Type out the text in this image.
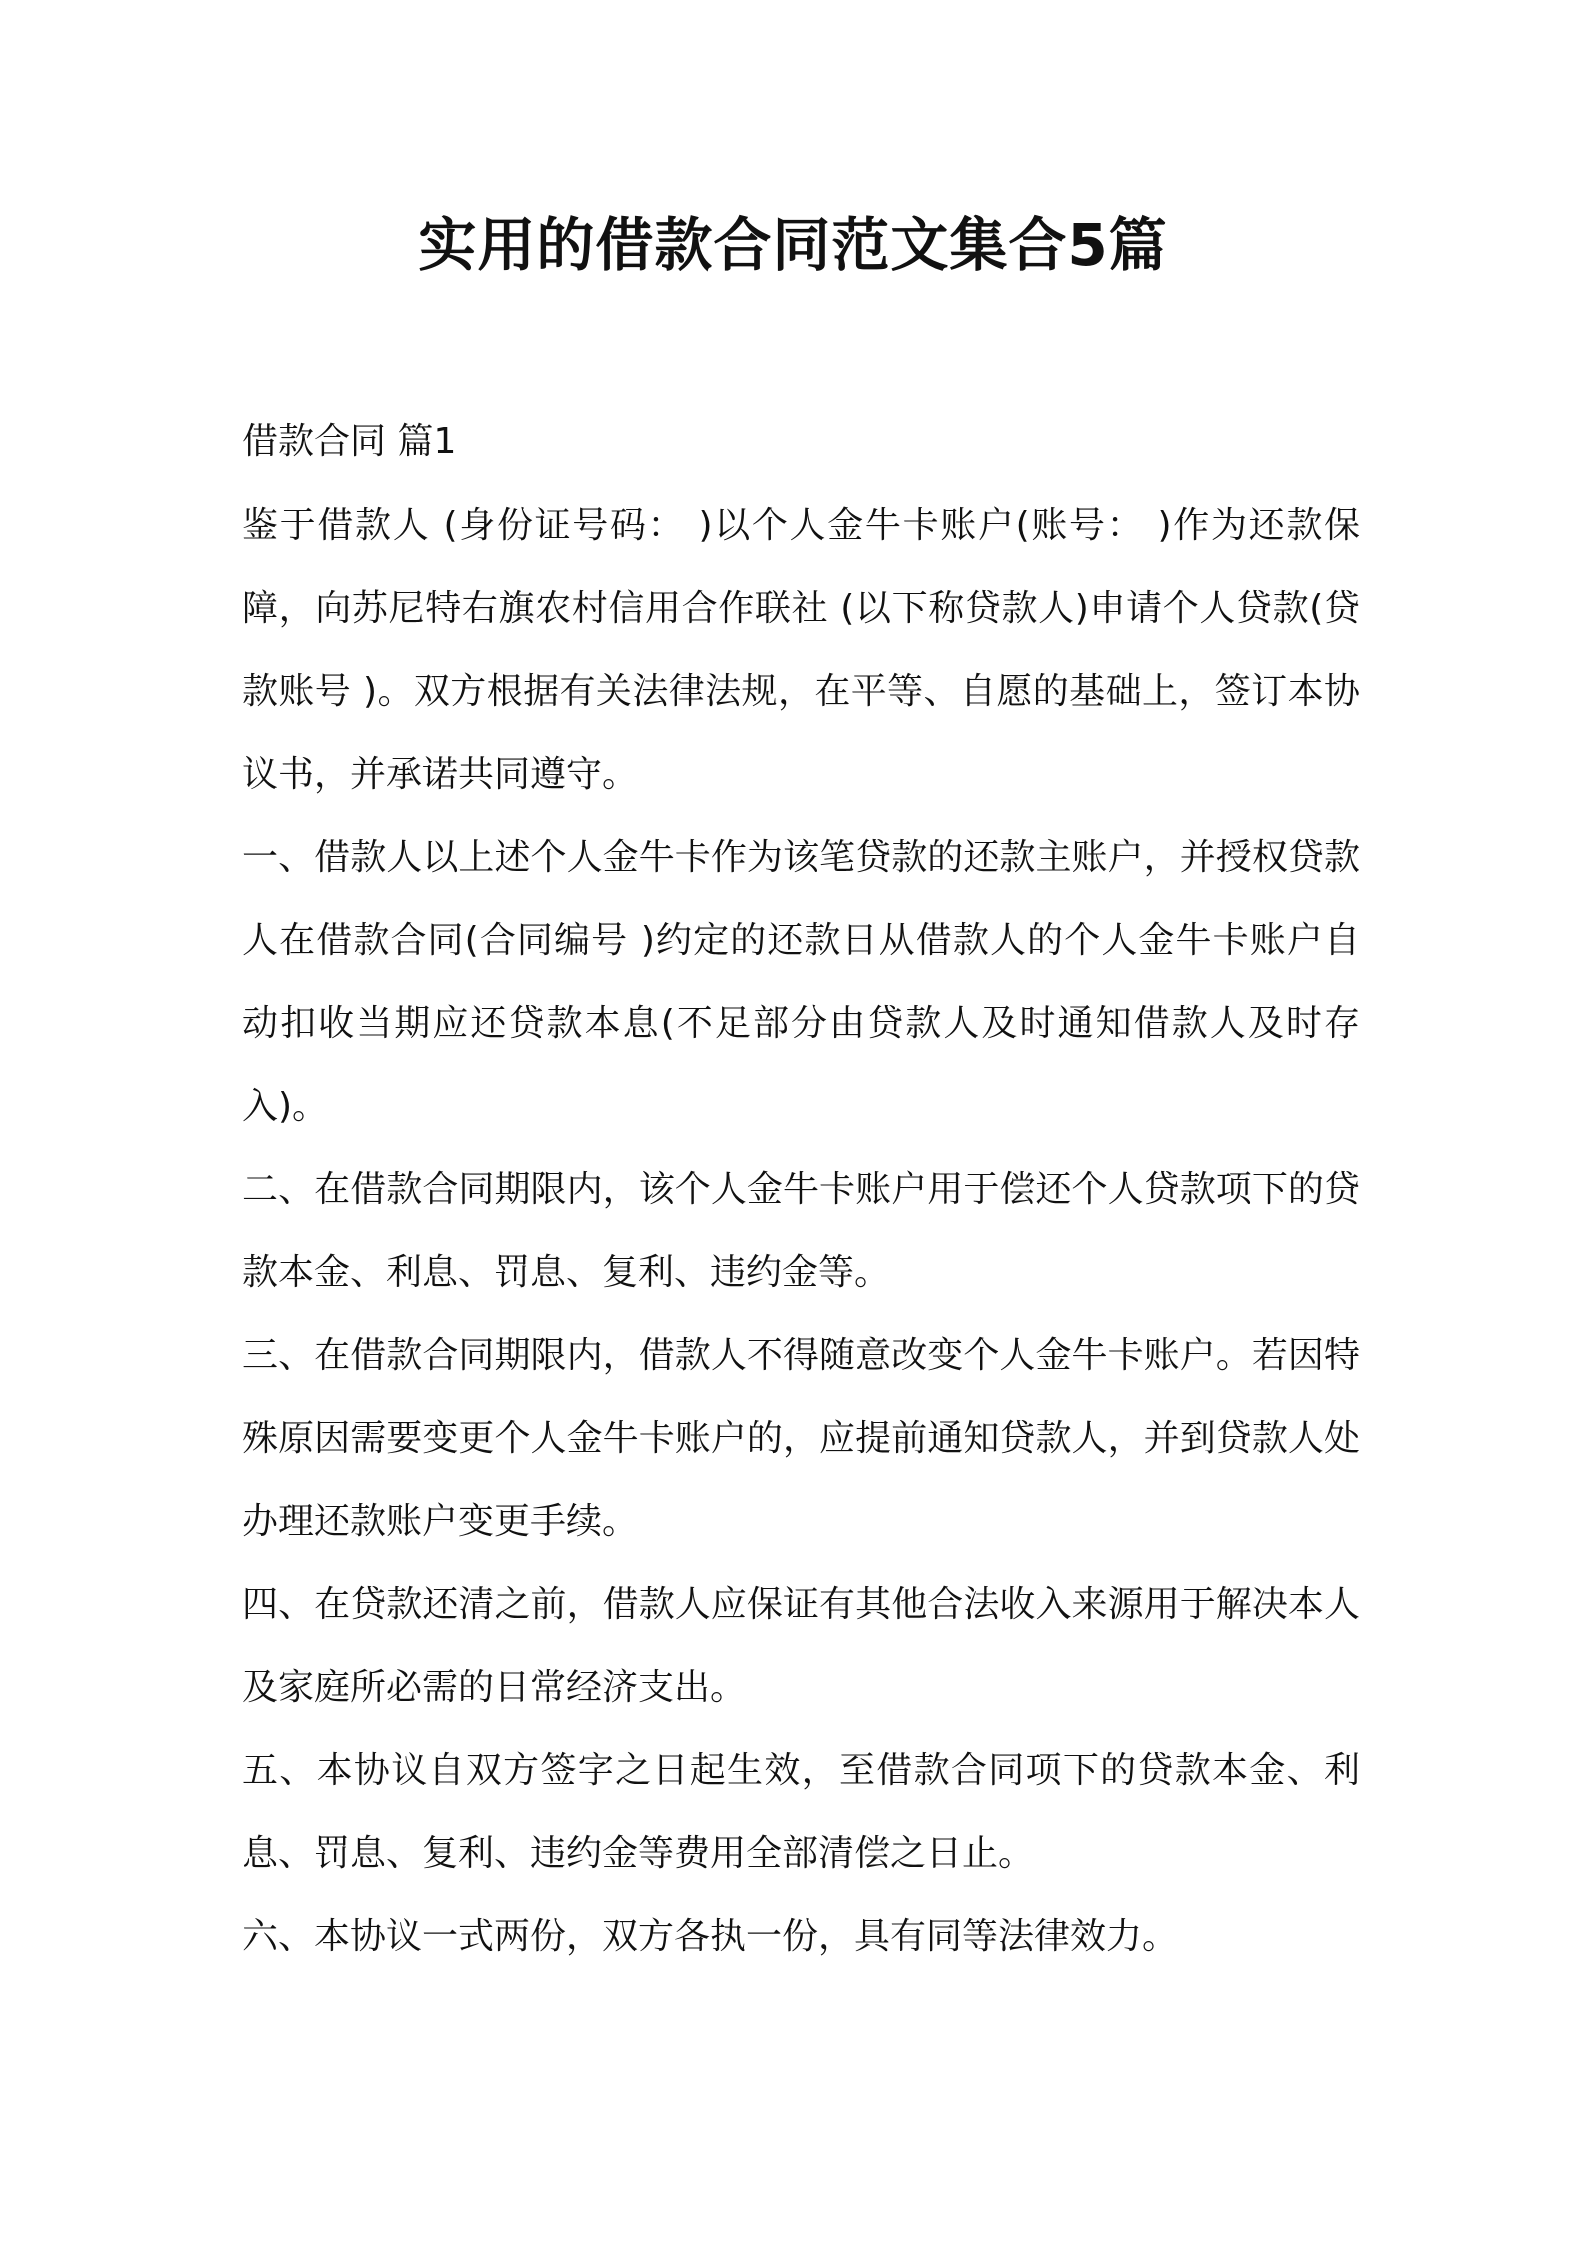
实用的借款合同范文集合5篇
借款合同 篇1

鉴于借款人 (身份证号码： )以个人金牛卡账户(账号： )作为还款保障，向苏尼特右旗农村信用合作联社 (以下称贷款人)申请个人贷款(贷款账号 )。双方根据有关法律法规，在平等、自愿的基础上，签订本协议书，并承诺共同遵守。

一、借款人以上述个人金牛卡作为该笔贷款的还款主账户，并授权贷款人在借款合同(合同编号 )约定的还款日从借款人的个人金牛卡账户自动扣收当期应还贷款本息(不足部分由贷款人及时通知借款人及时存入)。

二、在借款合同期限内，该个人金牛卡账户用于偿还个人贷款项下的贷款本金、利息、罚息、复利、违约金等。

三、在借款合同期限内，借款人不得随意改变个人金牛卡账户。若因特殊原因需要变更个人金牛卡账户的，应提前通知贷款人，并到贷款人处办理还款账户变更手续。

四、在贷款还清之前，借款人应保证有其他合法收入来源用于解决本人及家庭所必需的日常经济支出。

五、本协议自双方签字之日起生效，至借款合同项下的贷款本金、利息、罚息、复利、违约金等费用全部清偿之日止。

六、本协议一式两份，双方各执一份，具有同等法律效力。
